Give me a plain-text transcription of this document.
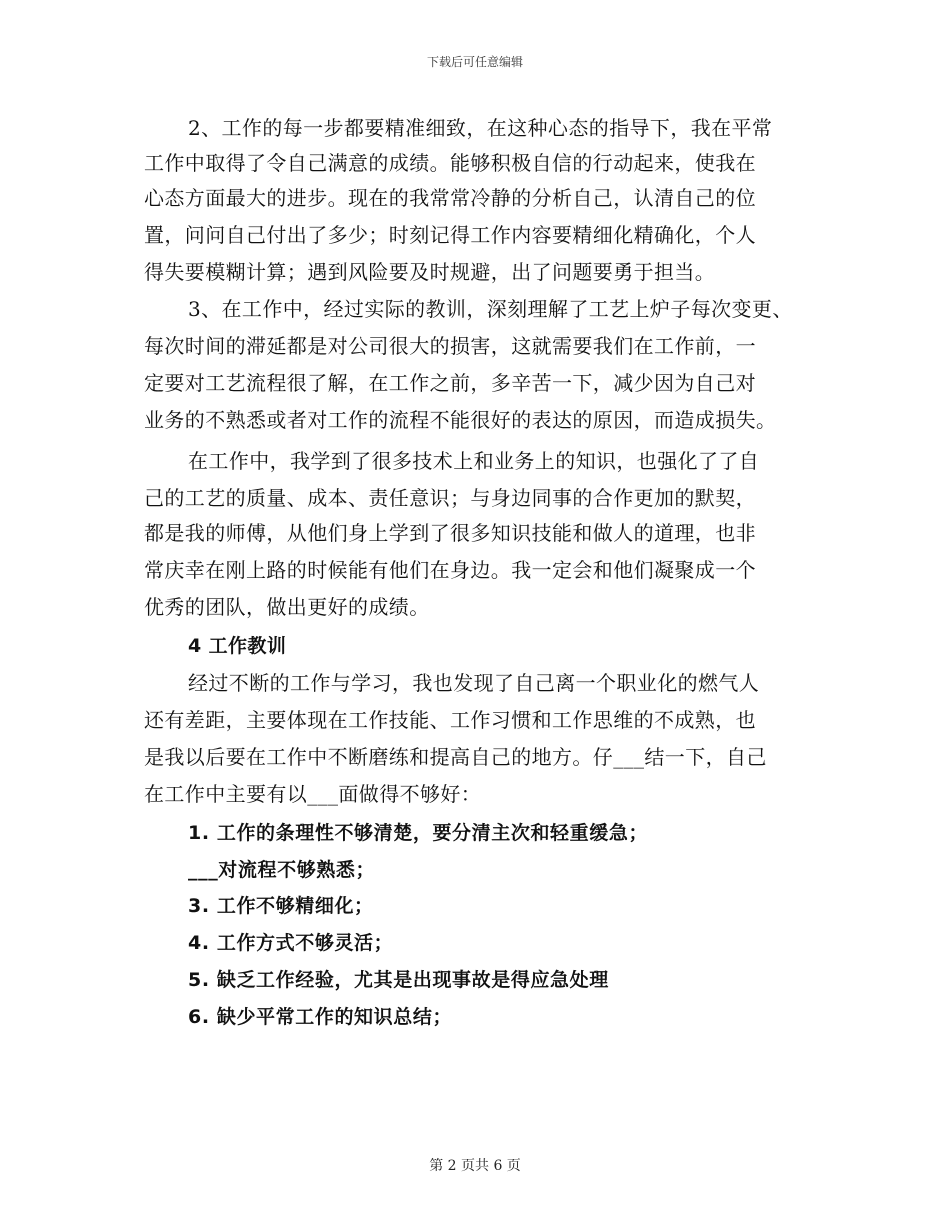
下载后可任意编辑
2、工作的每一步都要精准细致，在这种心态的指导下，我在平常
工作中取得了令自己满意的成绩。能够积极自信的行动起来，使我在
心态方面最大的进步。现在的我常常冷静的分析自己，认清自己的位
置，问问自己付出了多少；时刻记得工作内容要精细化精确化，个人
得失要模糊计算；遇到风险要及时规避，出了问题要勇于担当。
3、在工作中，经过实际的教训，深刻理解了工艺上炉子每次变更、
每次时间的滞延都是对公司很大的损害，这就需要我们在工作前，一
定要对工艺流程很了解，在工作之前，多辛苦一下，减少因为自己对
业务的不熟悉或者对工作的流程不能很好的表达的原因，而造成损失。
在工作中，我学到了很多技术上和业务上的知识，也强化了了自
己的工艺的质量、成本、责任意识；与身边同事的合作更加的默契，
都是我的师傅，从他们身上学到了很多知识技能和做人的道理，也非
常庆幸在刚上路的时候能有他们在身边。我一定会和他们凝聚成一个
优秀的团队，做出更好的成绩。
4 工作教训
经过不断的工作与学习，我也发现了自己离一个职业化的燃气人
还有差距，主要体现在工作技能、工作习惯和工作思维的不成熟，也
是我以后要在工作中不断磨练和提高自己的地方。仔___结一下，自己
在工作中主要有以___面做得不够好：
1. 工作的条理性不够清楚，要分清主次和轻重缓急；
___对流程不够熟悉；
3. 工作不够精细化；
4. 工作方式不够灵活；
5. 缺乏工作经验，尤其是出现事故是得应急处理
6. 缺少平常工作的知识总结；
第 2 页共 6 页
